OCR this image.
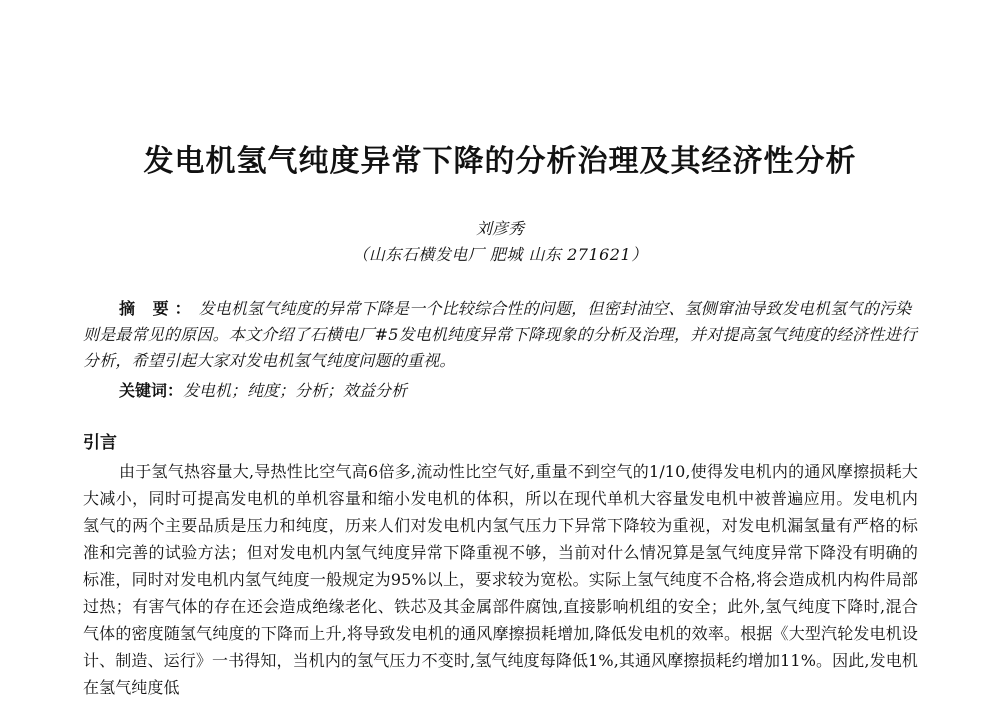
发电机氢气纯度异常下降的分析治理及其经济性分析
刘彦秀
（山东石横发电厂 肥城 山东 271621）
摘 要： 发电机氢气纯度的异常下降是一个比较综合性的问题，但密封油空、氢侧窜油导致发电机氢气的污染则是最常见的原因。本文介绍了石横电厂#5发电机纯度异常下降现象的分析及治理，并对提高氢气纯度的经济性进行分析，希望引起大家对发电机氢气纯度问题的重视。
关键词：发电机；纯度；分析；效益分析
引言
由于氢气热容量大,导热性比空气高6倍多,流动性比空气好,重量不到空气的1/10,使得发电机内的通风摩擦损耗大大减小，同时可提高发电机的单机容量和缩小发电机的体积，所以在现代单机大容量发电机中被普遍应用。发电机内氢气的两个主要品质是压力和纯度，历来人们对发电机内氢气压力下异常下降较为重视，对发电机漏氢量有严格的标准和完善的试验方法；但对发电机内氢气纯度异常下降重视不够，当前对什么情况算是氢气纯度异常下降没有明确的标准，同时对发电机内氢气纯度一般规定为95%以上，要求较为宽松。实际上氢气纯度不合格,将会造成机内构件局部过热；有害气体的存在还会造成绝缘老化、铁芯及其金属部件腐蚀,直接影响机组的安全；此外,氢气纯度下降时,混合气体的密度随氢气纯度的下降而上升,将导致发电机的通风摩擦损耗增加,降低发电机的效率。根据《大型汽轮发电机设计、制造、运行》一书得知，当机内的氢气压力不变时,氢气纯度每降低1%,其通风摩擦损耗约增加11%。因此,发电机在氢气纯度低
